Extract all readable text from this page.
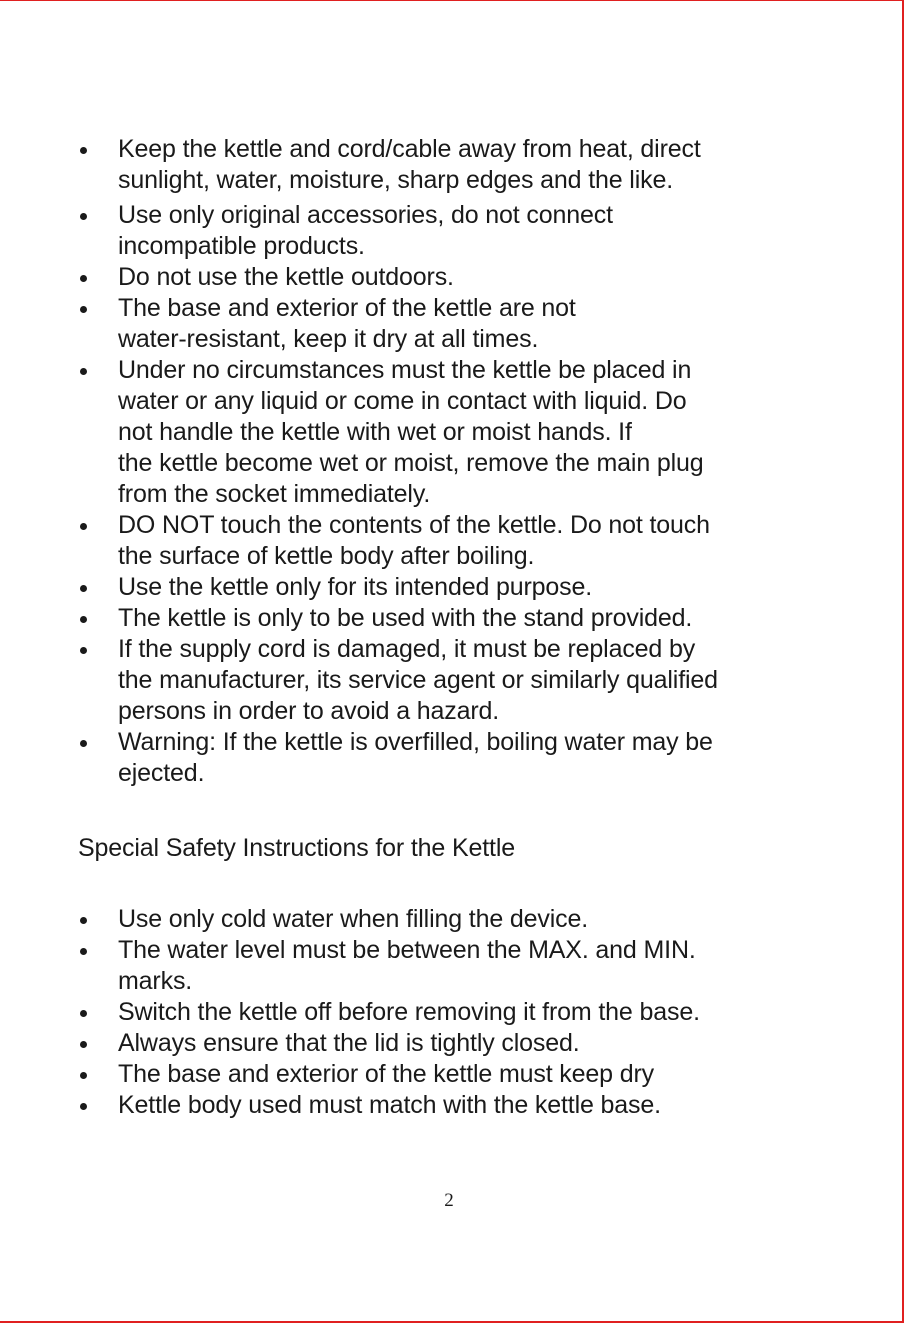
Keep the kettle and cord/cable away from heat, direct
sunlight, water, moisture, sharp edges and the like.
Use only original accessories, do not connect
incompatible products.
Do not use the kettle outdoors.
The base and exterior of the kettle are not
water-resistant, keep it dry at all times.
Under no circumstances must the kettle be placed in
water or any liquid or come in contact with liquid. Do
not handle the kettle with wet or moist hands. If
the kettle become wet or moist, remove the main plug
from the socket immediately.
DO NOT touch the contents of the kettle. Do not touch
the surface of kettle body after boiling.
Use the kettle only for its intended purpose.
The kettle is only to be used with the stand provided.
If the supply cord is damaged, it must be replaced by
the manufacturer, its service agent or similarly qualified
persons in order to avoid a hazard.
Warning: If the kettle is overfilled, boiling water may be
ejected.
Special Safety Instructions for the Kettle
Use only cold water when filling the device.
The water level must be between the MAX. and MIN.
marks.
Switch the kettle off before removing it from the base.
Always ensure that the lid is tightly closed.
The base and exterior of the kettle must keep dry
Kettle body used must match with the kettle base.
2
